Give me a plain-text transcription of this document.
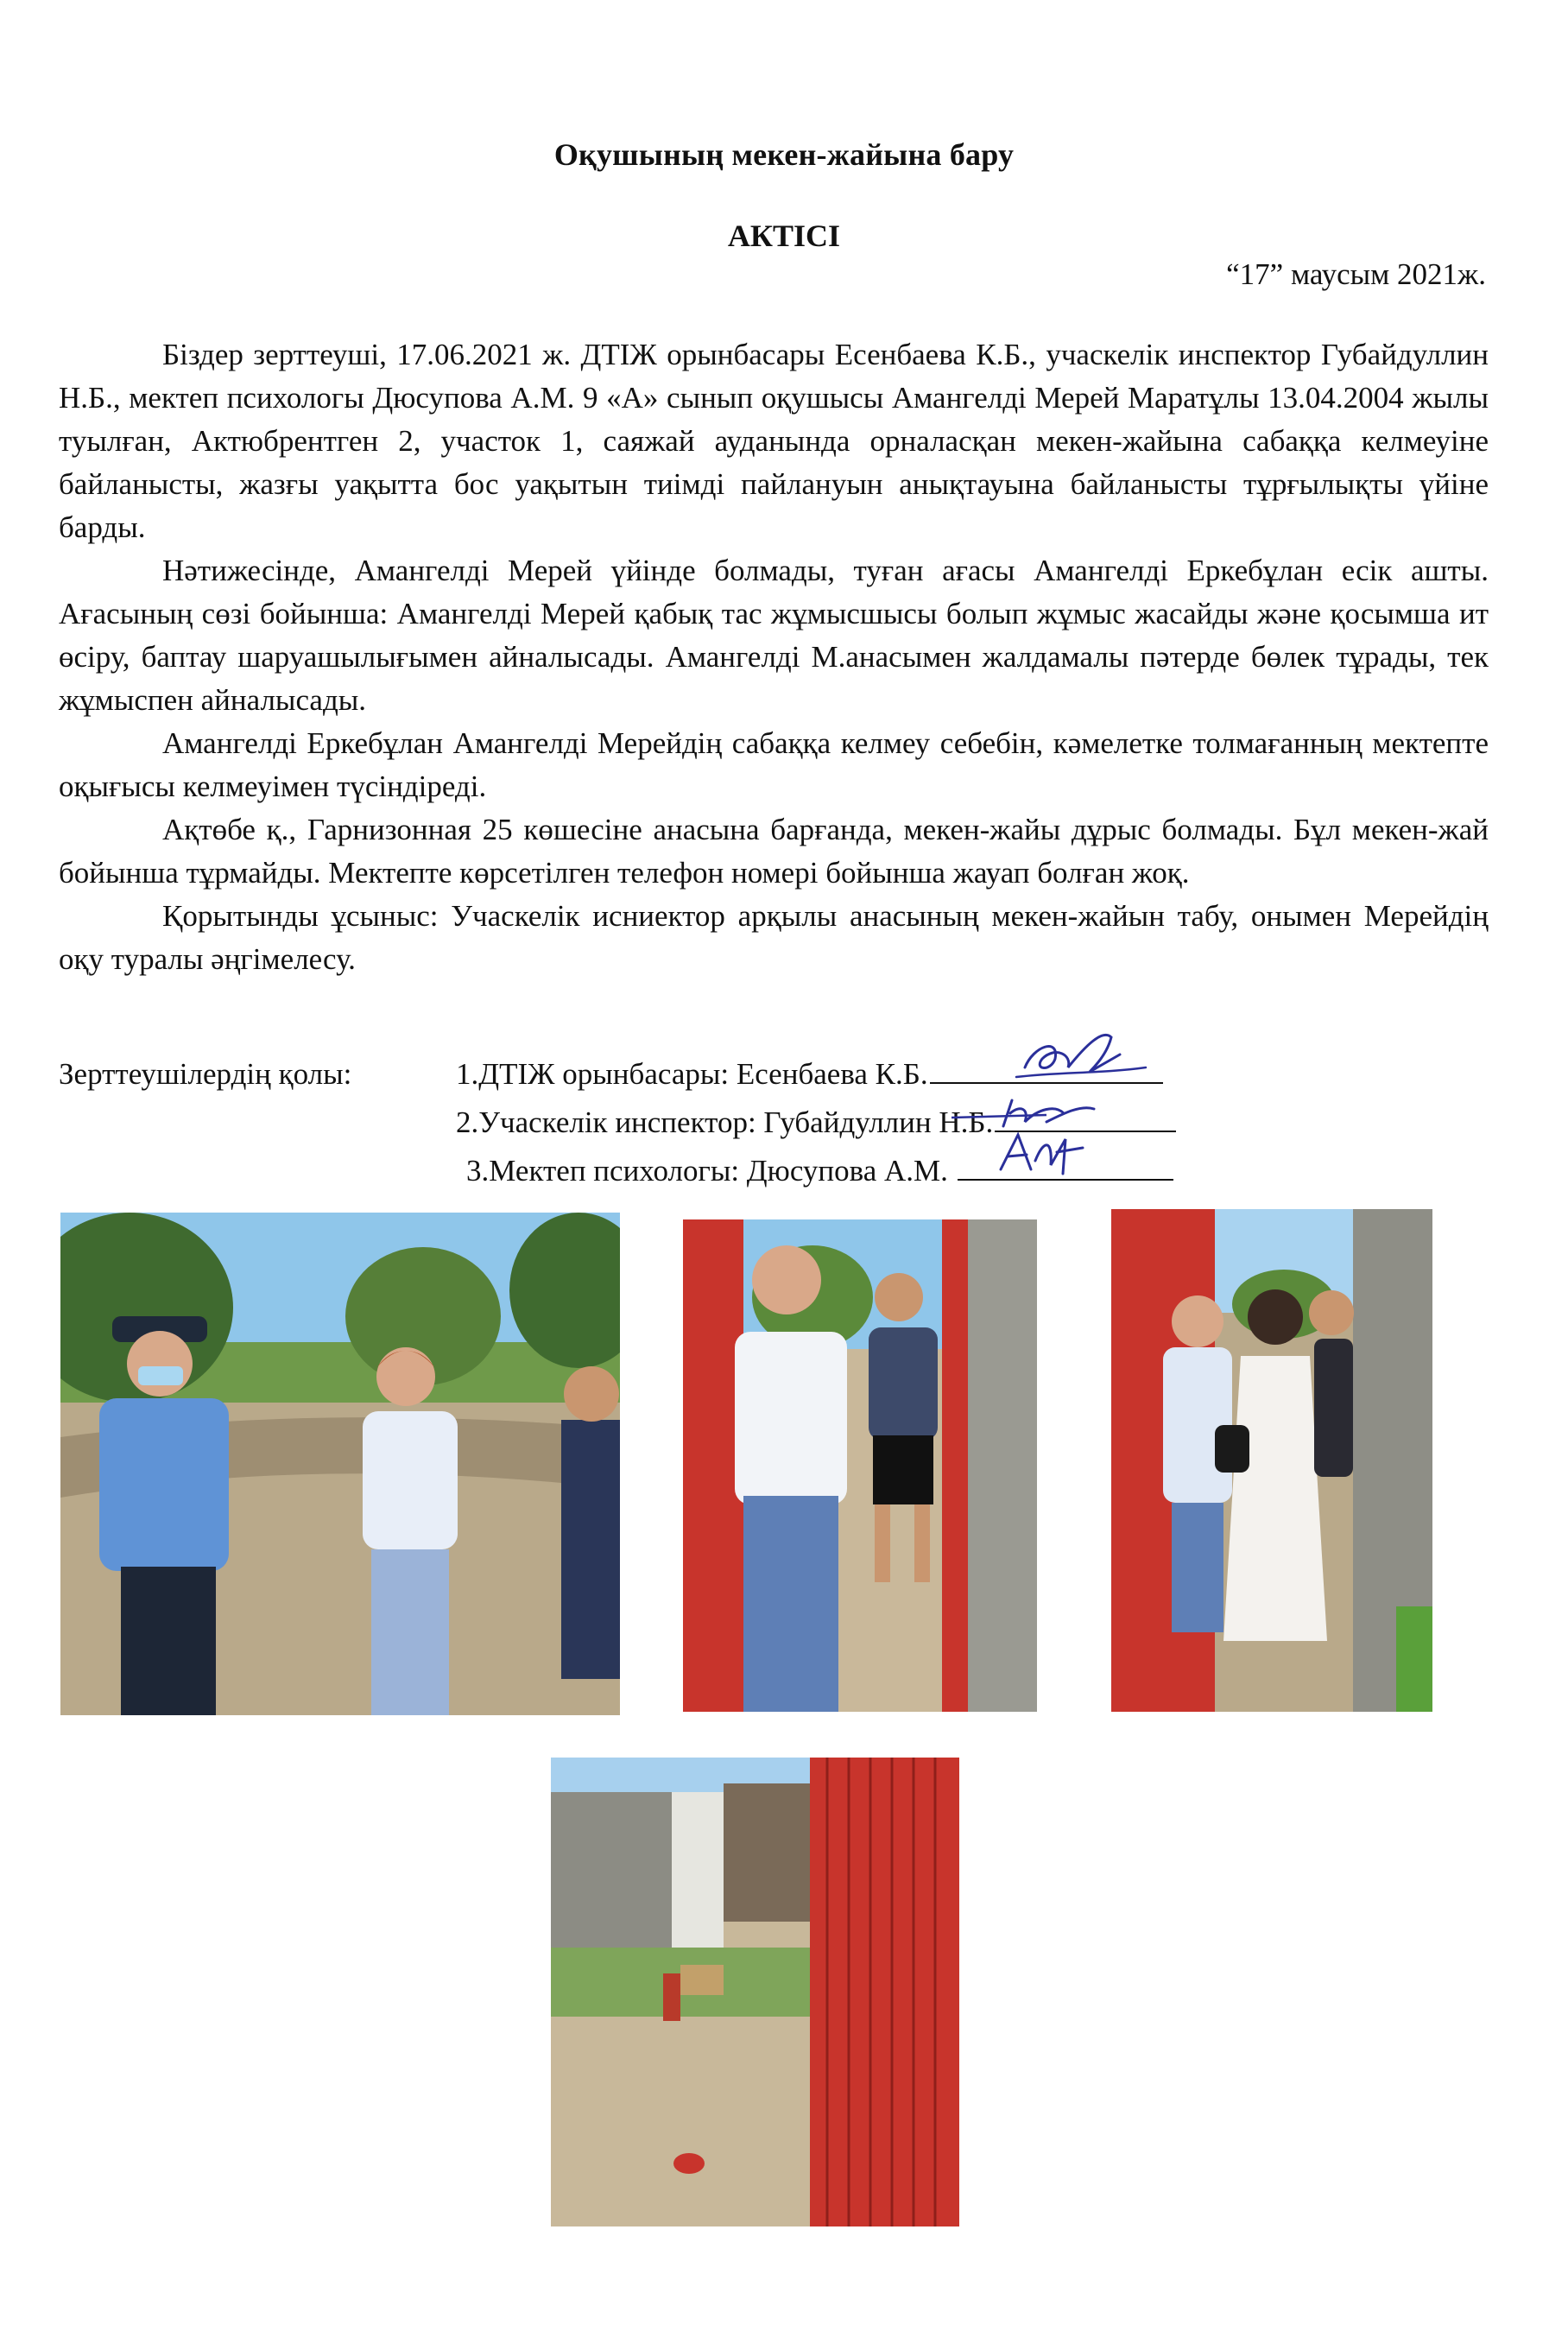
Оқушының мекен-жайына бару
АКТІСІ
“17” маусым 2021ж.

Біздер зерттеуші, 17.06.2021 ж. ДТІЖ орынбасары Есенбаева К.Б., учаскелік инспектор Губайдуллин Н.Б., мектеп психологы Дюсупова А.М. 9 «А» сынып оқушысы Амангелді Мерей Маратұлы 13.04.2004 жылы туылған, Актюбрентген 2, участок 1, саяжай ауданында орналасқан мекен-жайына сабаққа келмеуіне байланысты, жазғы уақытта бос уақытын тиімді пайлануын анықтауына байланысты тұрғылықты үйіне барды.

Нәтижесінде, Амангелді Мерей үйінде болмады, туған ағасы Амангелді Еркебұлан есік ашты. Ағасының сөзі бойынша: Амангелді Мерей қабық тас жұмысшысы болып жұмыс жасайды және қосымша ит өсіру, баптау шаруашылығымен айналысады. Амангелді М.анасымен жалдамалы пәтерде бөлек тұрады, тек жұмыспен айналысады.

Амангелді Еркебұлан Амангелді Мерейдің сабаққа келмеу себебін, кәмелетке толмағанның мектепте оқығысы келмеуімен түсіндіреді.

Ақтөбе қ., Гарнизонная 25 көшесіне анасына барғанда, мекен-жайы дұрыс болмады. Бұл мекен-жай бойынша тұрмайды. Мектепте көрсетілген телефон номері бойынша жауап болған жоқ.

Қорытынды ұсыныс: Учаскелік исниектор арқылы анасының мекен-жайын табу, онымен Мерейдің оқу туралы әңгімелесу.

Зерттеушілердің қолы:	1.ДТІЖ орынбасары: Есенбаева К.Б.
2.Учаскелік инспектор: Губайдуллин Н.Б.
3.Мектеп психологы: Дюсупова А.М.
